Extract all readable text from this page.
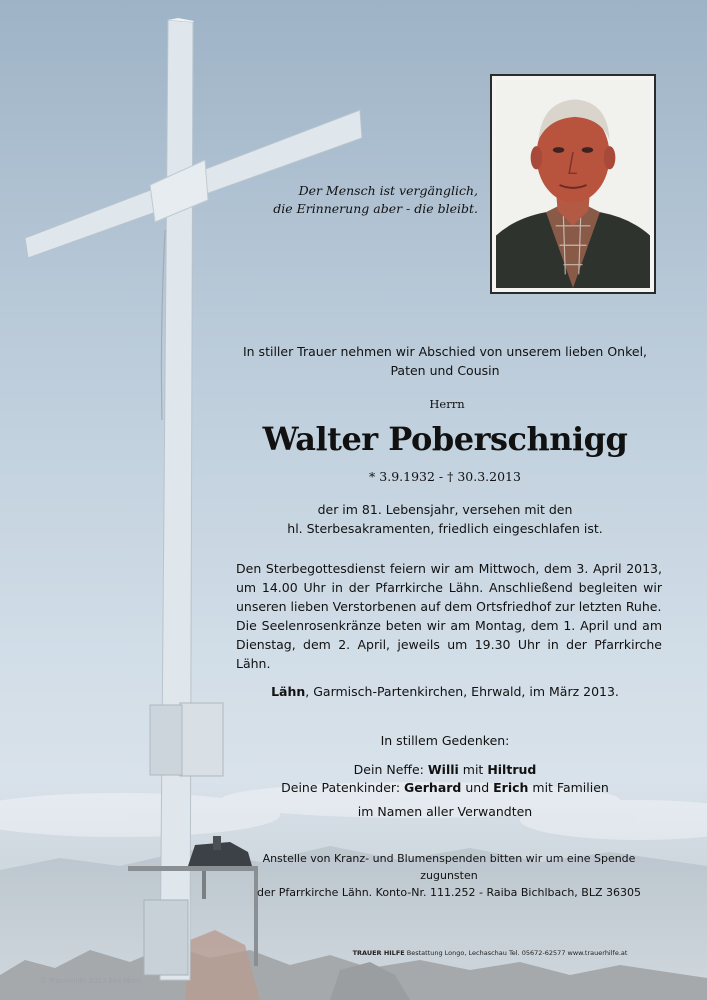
Der Mensch ist vergänglich,
die Erinnerung aber - die bleibt.
In stiller Trauer nehmen wir Abschied von unserem lieben Onkel,
Paten und Cousin
Herrn
Walter Poberschnigg
* 3.9.1932 - † 30.3.2013
der im 81. Lebensjahr, versehen mit den
hl. Sterbesakramenten, friedlich eingeschlafen ist.
Den Sterbegottesdienst feiern wir am Mittwoch, dem 3. April 2013, um 14.00 Uhr in der Pfarrkirche Lähn. Anschließend begleiten wir unseren lieben Verstorbenen auf dem Ortsfriedhof zur letzten Ruhe.
Die Seelenrosenkränze beten wir am Montag, dem 1. April und am Dienstag, dem 2. April, jeweils um 19.30 Uhr in der Pfarrkirche Lähn.
Lähn, Garmisch-Partenkirchen, Ehrwald, im März 2013.
In stillem Gedenken:
Dein Neffe: Willi mit Hiltrud
Deine Patenkinder: Gerhard und Erich mit Familien
im Namen aller Verwandten
Anstelle von Kranz- und Blumenspenden bitten wir um eine Spende zugunsten
der Pfarrkirche Lähn. Konto-Nr. 111.252 - Raiba Bichlbach, BLZ 36305
TRAUER HILFE Bestattung Longo, Lechaschau Tel. 05672-62577 www.trauerhilfe.at
© Trauerhilfe 2013 Eva Moro
